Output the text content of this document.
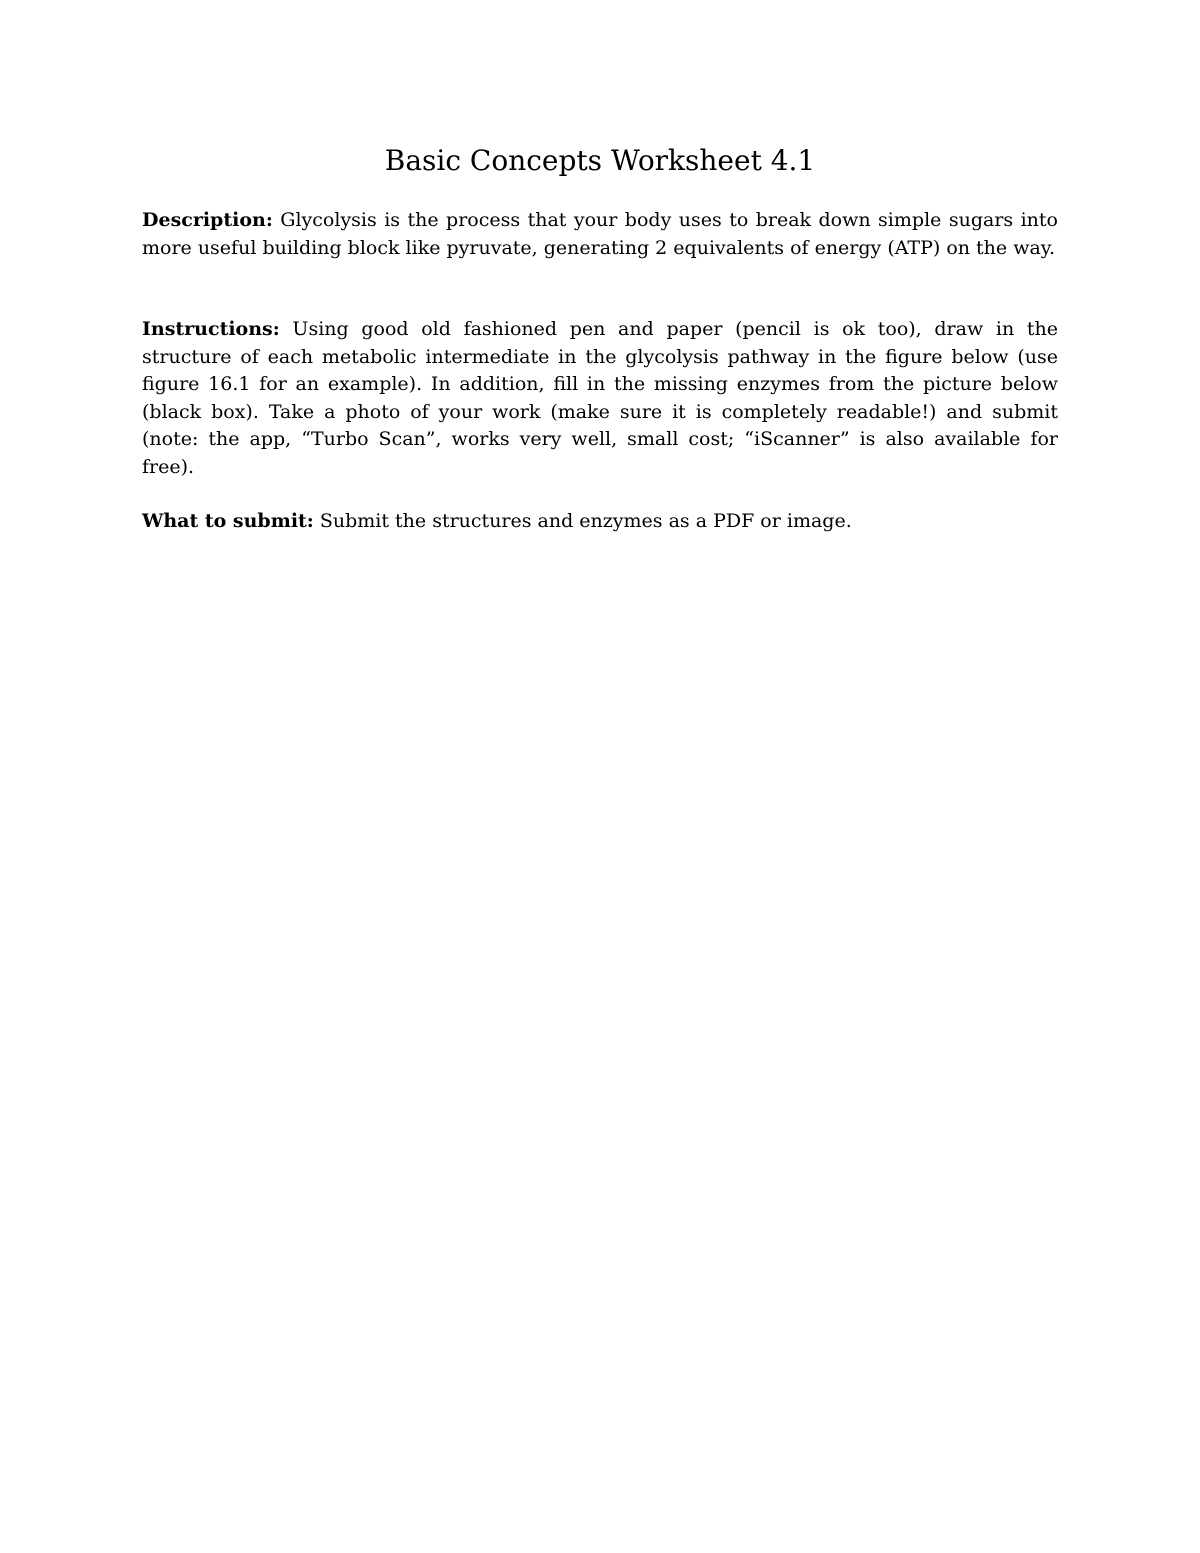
Basic Concepts Worksheet 4.1

Description: Glycolysis is the process that your body uses to break down simple sugars into more useful building block like pyruvate, generating 2 equivalents of energy (ATP) on the way.

Instructions: Using good old fashioned pen and paper (pencil is ok too), draw in the structure of each metabolic intermediate in the glycolysis pathway in the figure below (use figure 16.1 for an example). In addition, fill in the missing enzymes from the picture below (black box). Take a photo of your work (make sure it is completely readable!) and submit (note: the app, “Turbo Scan”, works very well, small cost; “iScanner” is also available for free).

What to submit: Submit the structures and enzymes as a PDF or image.
